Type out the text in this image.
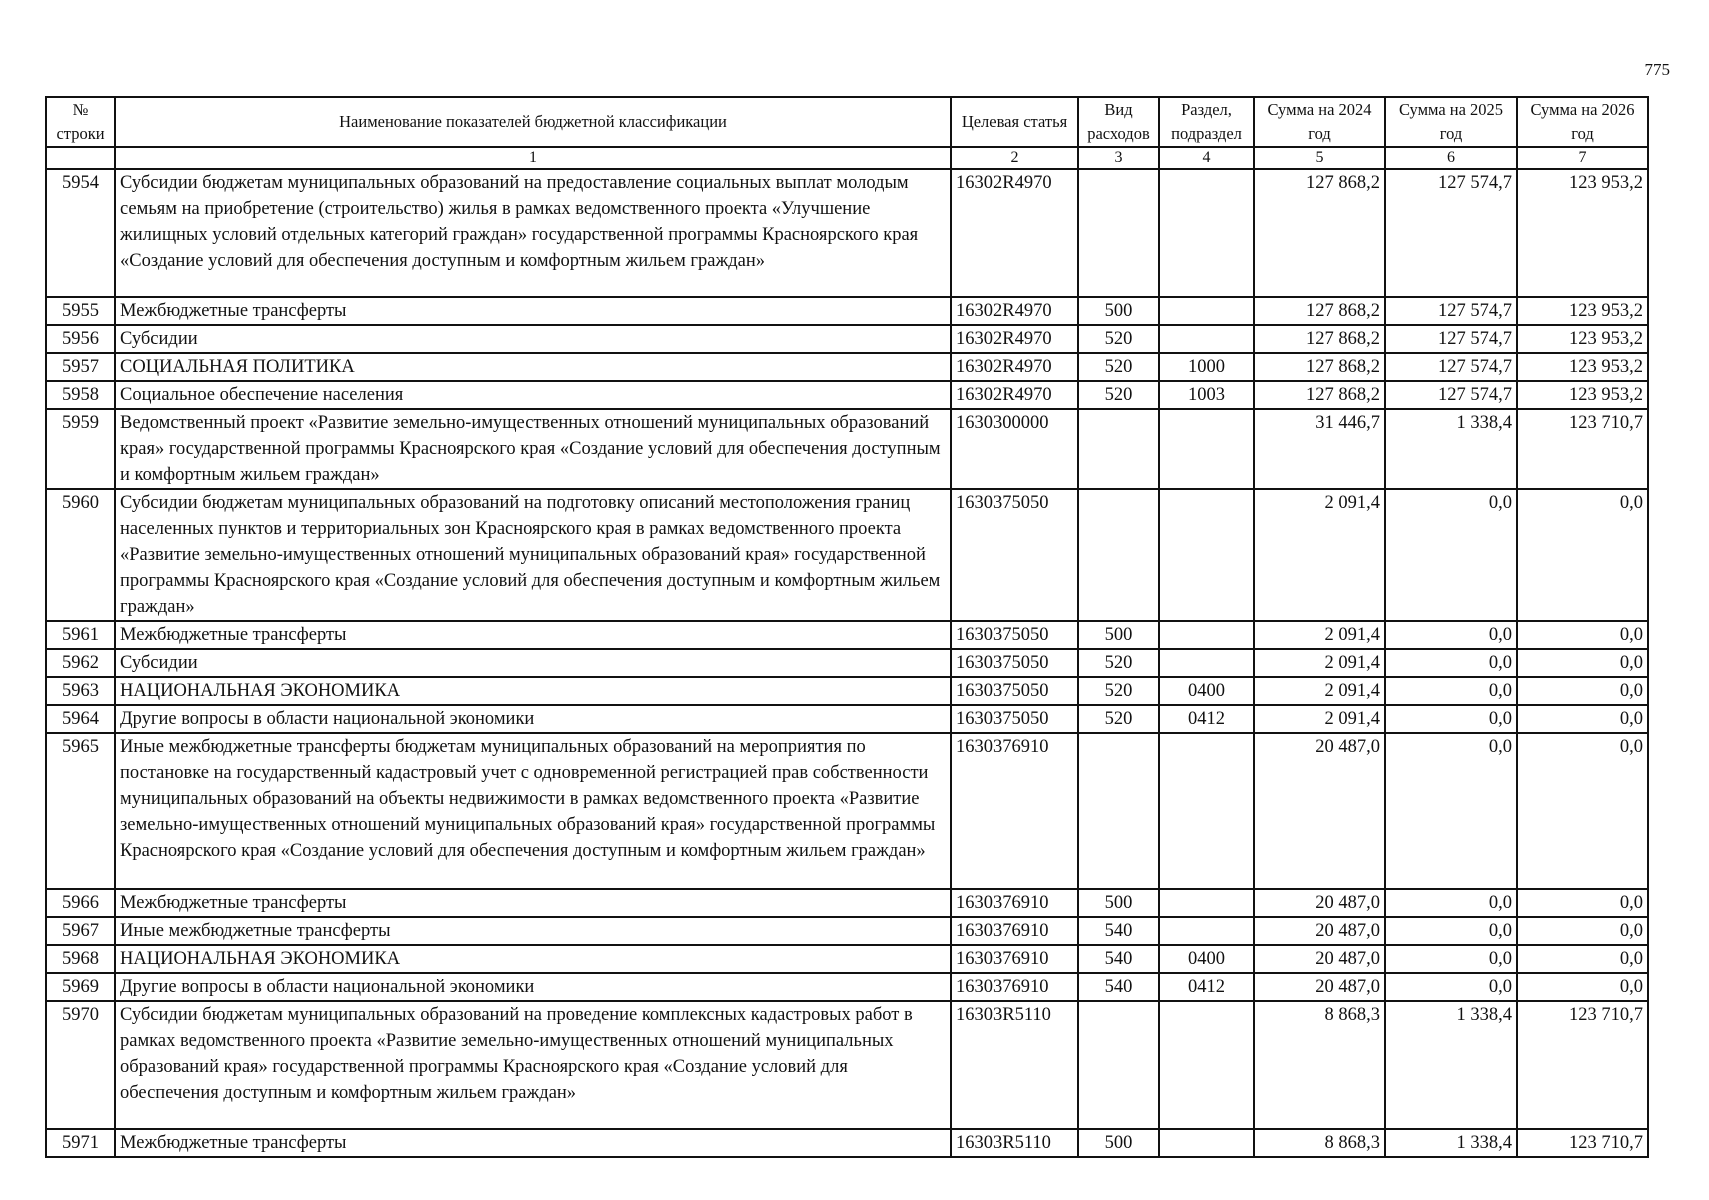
775
№ строки	Наименование показателей бюджетной классификации	Целевая статья	Вид расходов	Раздел, подраздел	Сумма на 2024 год	Сумма на 2025 год	Сумма на 2026 год
	1	2	3	4	5	6	7
5954	Субсидии бюджетам муниципальных образований на предоставление социальных выплат молодым семьям на приобретение (строительство) жилья в рамках ведомственного проекта «Улучшение жилищных условий отдельных категорий граждан» государственной программы Красноярского края «Создание условий для обеспечения доступным и комфортным жильем граждан»	16302R4970			127 868,2	127 574,7	123 953,2
5955	Межбюджетные трансферты	16302R4970	500		127 868,2	127 574,7	123 953,2
5956	Субсидии	16302R4970	520		127 868,2	127 574,7	123 953,2
5957	СОЦИАЛЬНАЯ ПОЛИТИКА	16302R4970	520	1000	127 868,2	127 574,7	123 953,2
5958	Социальное обеспечение населения	16302R4970	520	1003	127 868,2	127 574,7	123 953,2
5959	Ведомственный проект «Развитие земельно-имущественных отношений муниципальных образований края» государственной программы Красноярского края «Создание условий для обеспечения доступным и комфортным жильем граждан»	1630300000			31 446,7	1 338,4	123 710,7
5960	Субсидии бюджетам муниципальных образований на подготовку описаний местоположения границ населенных пунктов и территориальных зон Красноярского края в рамках ведомственного проекта «Развитие земельно-имущественных отношений муниципальных образований края» государственной программы Красноярского края «Создание условий для обеспечения доступным и комфортным жильем граждан»	1630375050			2 091,4	0,0	0,0
5961	Межбюджетные трансферты	1630375050	500		2 091,4	0,0	0,0
5962	Субсидии	1630375050	520		2 091,4	0,0	0,0
5963	НАЦИОНАЛЬНАЯ ЭКОНОМИКА	1630375050	520	0400	2 091,4	0,0	0,0
5964	Другие вопросы в области национальной экономики	1630375050	520	0412	2 091,4	0,0	0,0
5965	Иные межбюджетные трансферты бюджетам муниципальных образований на мероприятия по постановке на государственный кадастровый учет с одновременной регистрацией прав собственности муниципальных образований на объекты недвижимости в рамках ведомственного проекта «Развитие земельно-имущественных отношений муниципальных образований края» государственной программы Красноярского края «Создание условий для обеспечения доступным и комфортным жильем граждан»	1630376910			20 487,0	0,0	0,0
5966	Межбюджетные трансферты	1630376910	500		20 487,0	0,0	0,0
5967	Иные межбюджетные трансферты	1630376910	540		20 487,0	0,0	0,0
5968	НАЦИОНАЛЬНАЯ ЭКОНОМИКА	1630376910	540	0400	20 487,0	0,0	0,0
5969	Другие вопросы в области национальной экономики	1630376910	540	0412	20 487,0	0,0	0,0
5970	Субсидии бюджетам муниципальных образований на проведение комплексных кадастровых работ в рамках ведомственного проекта «Развитие земельно-имущественных отношений муниципальных образований края» государственной программы Красноярского края «Создание условий для обеспечения доступным и комфортным жильем граждан»	16303R5110			8 868,3	1 338,4	123 710,7
5971	Межбюджетные трансферты	16303R5110	500		8 868,3	1 338,4	123 710,7
